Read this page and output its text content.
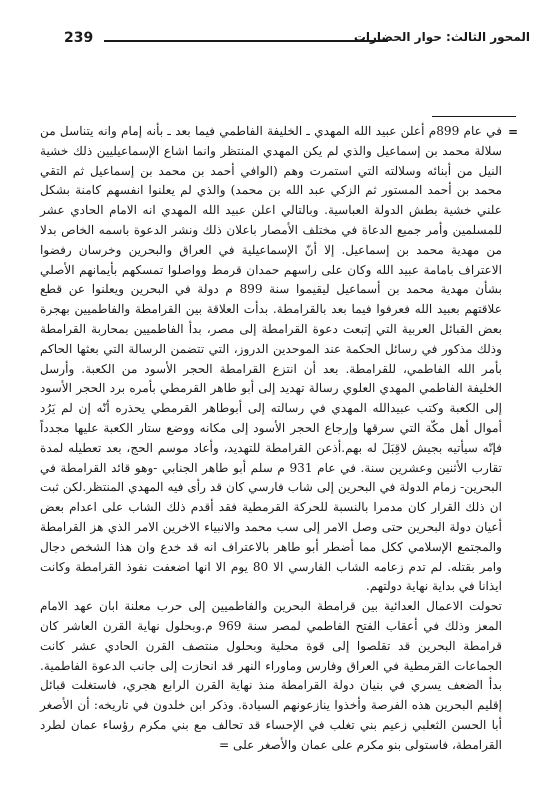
239	المحور الثالث: حوار الحضارات
=

في عام 899م أعلن عبيد الله المهدي ـ الخليفة الفاطمي فيما بعد ـ بأنه إمام وانه يتناسل من سلالة محمد بن إسماعيل والذي لم يكن المهدي المنتظر وانما اشاع الإسماعيليين ذلك خشية النيل من أبنائه وسلالته التي استمرت وهم (الوافي أحمد بن محمد بن إسماعيل ثم التقي محمد بن أحمد المستور ثم الزكي عبد الله بن محمد) والذي لم يعلنوا انفسهم كامنة بشكل علني خشية بطش الدولة العباسية. وبالتالي اعلن عبيد الله المهدي انه الامام الحادي عشر للمسلمين وأمر جميع الدعاة في مختلف الأمصار باعلان ذلك ونشر الدعوة باسمه الخاص بدلا من مهدية محمد بن إسماعيل. إلا أنّ الإسماعيلية في العراق والبحرين وخرسان رفضوا الاعتراف بامامة عبيد الله وكان على راسهم حمدان قرمط وواصلوا تمسكهم بأيمانهم الأصلي بشأن مهدية محمد بن أسماعيل ليقيموا سنة 899 م دولة في البحرين ويعلنوا عن قطع علاقتهم بعبيد الله فعرفوا فيما بعد بالقرامطة. بدأت العلاقة بين القرامطة والفاطميين بهجرة بعض القبائل العربية التي إتبعت دعوة القرامطة إلى مصر، بدأ الفاطميين بمحاربة القرامطة وذلك مذكور في رسائل الحكمة عند الموحدين الدروز، التي تتضمن الرسالة التي بعثها الحاكم بأمر الله الفاطمي، للقرامطة. بعد أن انتزع القرامطة الحجر الأسود من الكعبة. وأرسل الخليفة الفاطمي المهدي العلوي رسالة تهديد إلى أبو طاهر القرمطي بأمره برد الحجر الأسود إلى الكعبة وكتب عبيدالله المهدي في رسالته إلى أبوطاهر القرمطي يحذره أنّه إن لم يَرُد أموال أهل مكّة التي سرقها وإرجاع الحجر الأسود إلى مكانه ووضع ستار الكعبة عليها مجدداً فإنّه سيأتيه بجيش لاقِبَلَ له بهم.أذعن القرامطة للتهديد، وأعاد موسم الحج، بعد تعطيله لمدة تقارب الأثنين وعشرين سنة. في عام 931 م سلم أبو طاهر الجنابي -وهو قائد القرامطة في البحرين- زمام الدولة في البحرين إلى شاب فارسي كان قد رأى فيه المهدي المنتظر.لكن ثبت ان ذلك القرار كان مدمرا بالنسبة للحركة القرمطية فقد أقدم ذلك الشاب على اعدام بعض أعيان دولة البحرين حتى وصل الامر إلى سب محمد والانبياء الاخرين الامر الذي هز القرامطة والمجتمع الإسلامي ككل مما أضطر أبو طاهر بالاعتراف انه قد خدع وان هذا الشخص دجال وامر بقتله. لم تدم زعامه الشاب الفارسي الا 80 يوم الا انها اضعفت نفوذ القرامطة وكانت ايذانا في بداية نهاية دولتهم.

تحولت الاعمال العدائية بين قرامطة البحرين والفاطميين إلى حرب معلنة ابان عهد الامام المعز وذلك في أعقاب الفتح الفاطمي لمصر سنة 969 م.وبحلول نهاية القرن العاشر كان قرامطة البحرين قد تقلصوا إلى قوة محلية وبحلول منتصف القرن الحادي عشر كانت الجماعات القرمطية في العراق وفارس وماوراء النهر قد انحازت إلى جانب الدعوة الفاطمية. بدأ الضعف يسري في بنيان دولة القرامطة منذ نهاية القرن الرابع هجري، فاستغلت قبائل إقليم البحرين هذه الفرصة وأخذوا ينازعونهم السيادة. وذكر ابن خلدون في تاريخه: أن الأصغر أبا الحسن الثعلبي زعيم بني تغلب في الإحساء قد تحالف مع بني مكرم رؤساء عمان لطرد القرامطة، فاستولى بنو مكرم على عمان والأصغر على =
